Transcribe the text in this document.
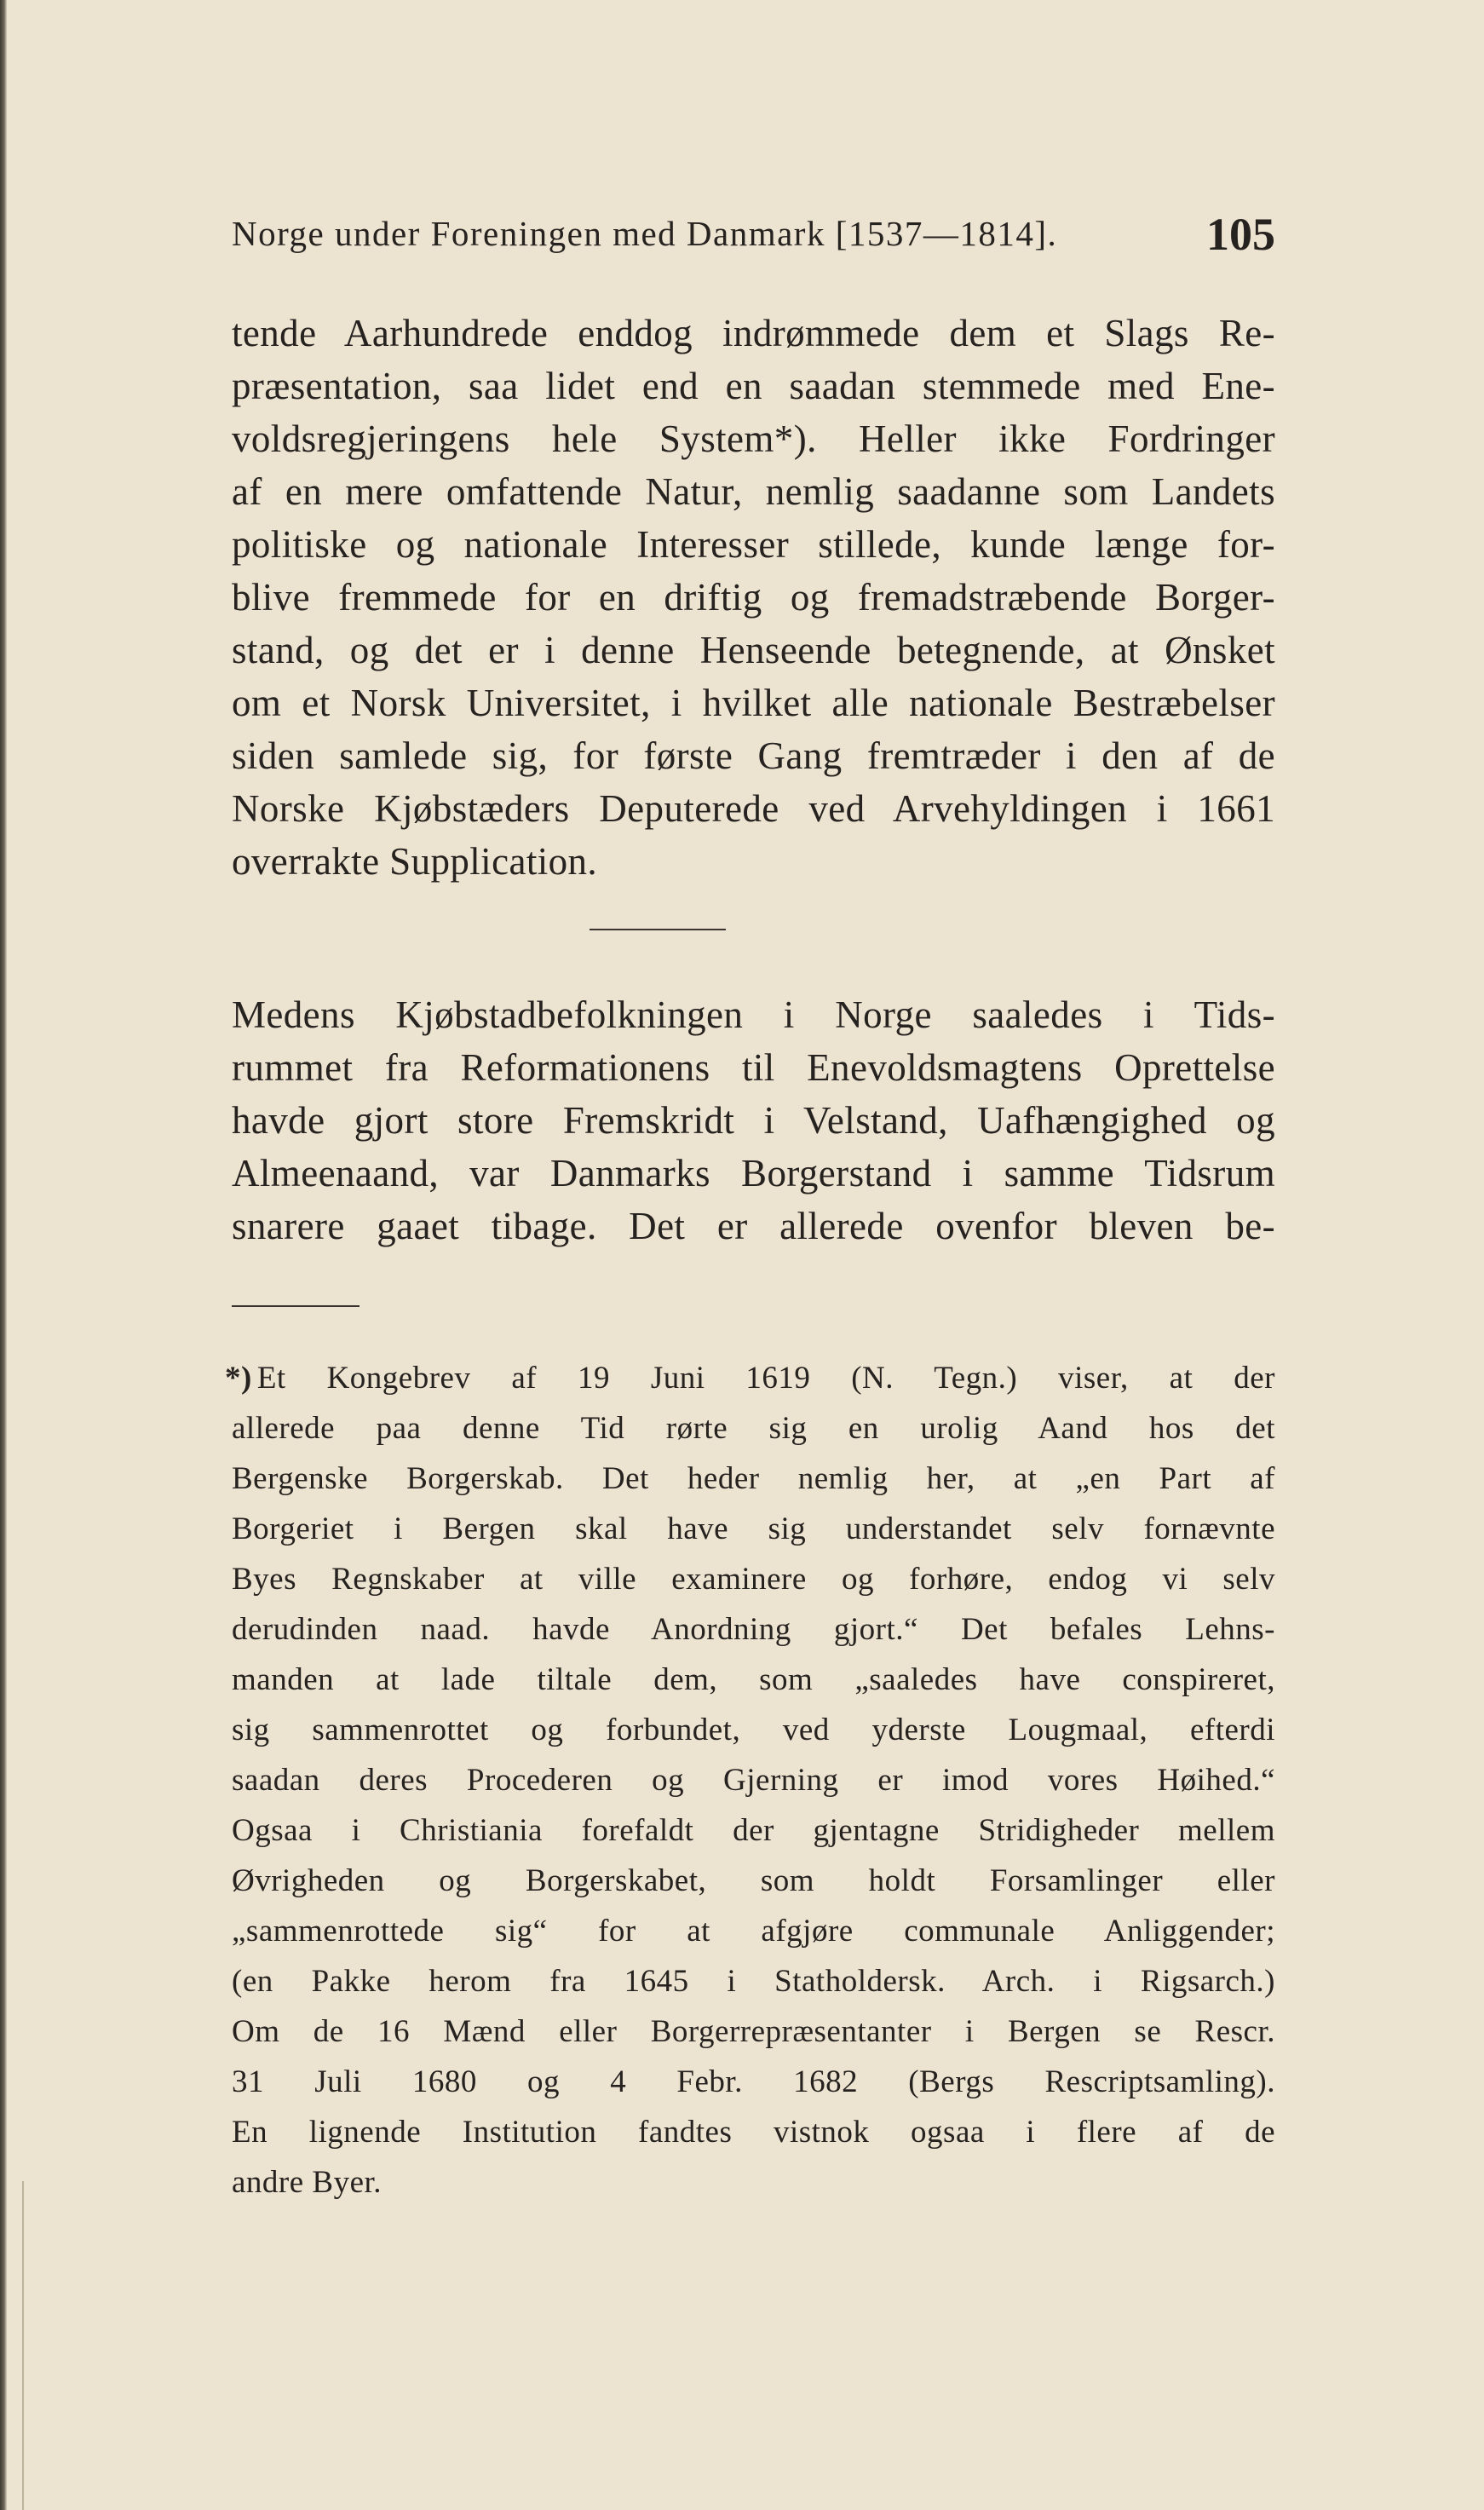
Norge under Foreningen med Danmark [1537—1814].	105
tende Aarhundrede enddog indrømmede dem et Slags Re-
præsentation, saa lidet end en saadan stemmede med Ene-
voldsregjeringens hele System*). Heller ikke Fordringer
af en mere omfattende Natur, nemlig saadanne som Landets
politiske og nationale Interesser stillede, kunde længe for-
blive fremmede for en driftig og fremadstræbende Borger-
stand, og det er i denne Henseende betegnende, at Ønsket
om et Norsk Universitet, i hvilket alle nationale Bestræbelser
siden samlede sig, for første Gang fremtræder i den af de
Norske Kjøbstæders Deputerede ved Arvehyldingen i 1661
overrakte Supplication.
Medens Kjøbstadbefolkningen i Norge saaledes i Tids-
rummet fra Reformationens til Enevoldsmagtens Oprettelse
havde gjort store Fremskridt i Velstand, Uafhængighed og
Almeenaand, var Danmarks Borgerstand i samme Tidsrum
snarere gaaet tibage. Det er allerede ovenfor bleven be-
*) Et Kongebrev af 19 Juni 1619 (N. Tegn.) viser, at der
allerede paa denne Tid rørte sig en urolig Aand hos det
Bergenske Borgerskab. Det heder nemlig her, at „en Part af
Borgeriet i Bergen skal have sig understandet selv fornævnte
Byes Regnskaber at ville examinere og forhøre, endog vi selv
derudinden naad. havde Anordning gjort.“ Det befales Lehns-
manden at lade tiltale dem, som „saaledes have conspireret,
sig sammenrottet og forbundet, ved yderste Lougmaal, efterdi
saadan deres Procederen og Gjerning er imod vores Høihed.“
Ogsaa i Christiania forefaldt der gjentagne Stridigheder mellem
Øvrigheden og Borgerskabet, som holdt Forsamlinger eller
„sammenrottede sig“ for at afgjøre communale Anliggender;
(en Pakke herom fra 1645 i Statholdersk. Arch. i Rigsarch.)
Om de 16 Mænd eller Borgerrepræsentanter i Bergen se Rescr.
31 Juli 1680 og 4 Febr. 1682 (Bergs Rescriptsamling).
En lignende Institution fandtes vistnok ogsaa i flere af de
andre Byer.
